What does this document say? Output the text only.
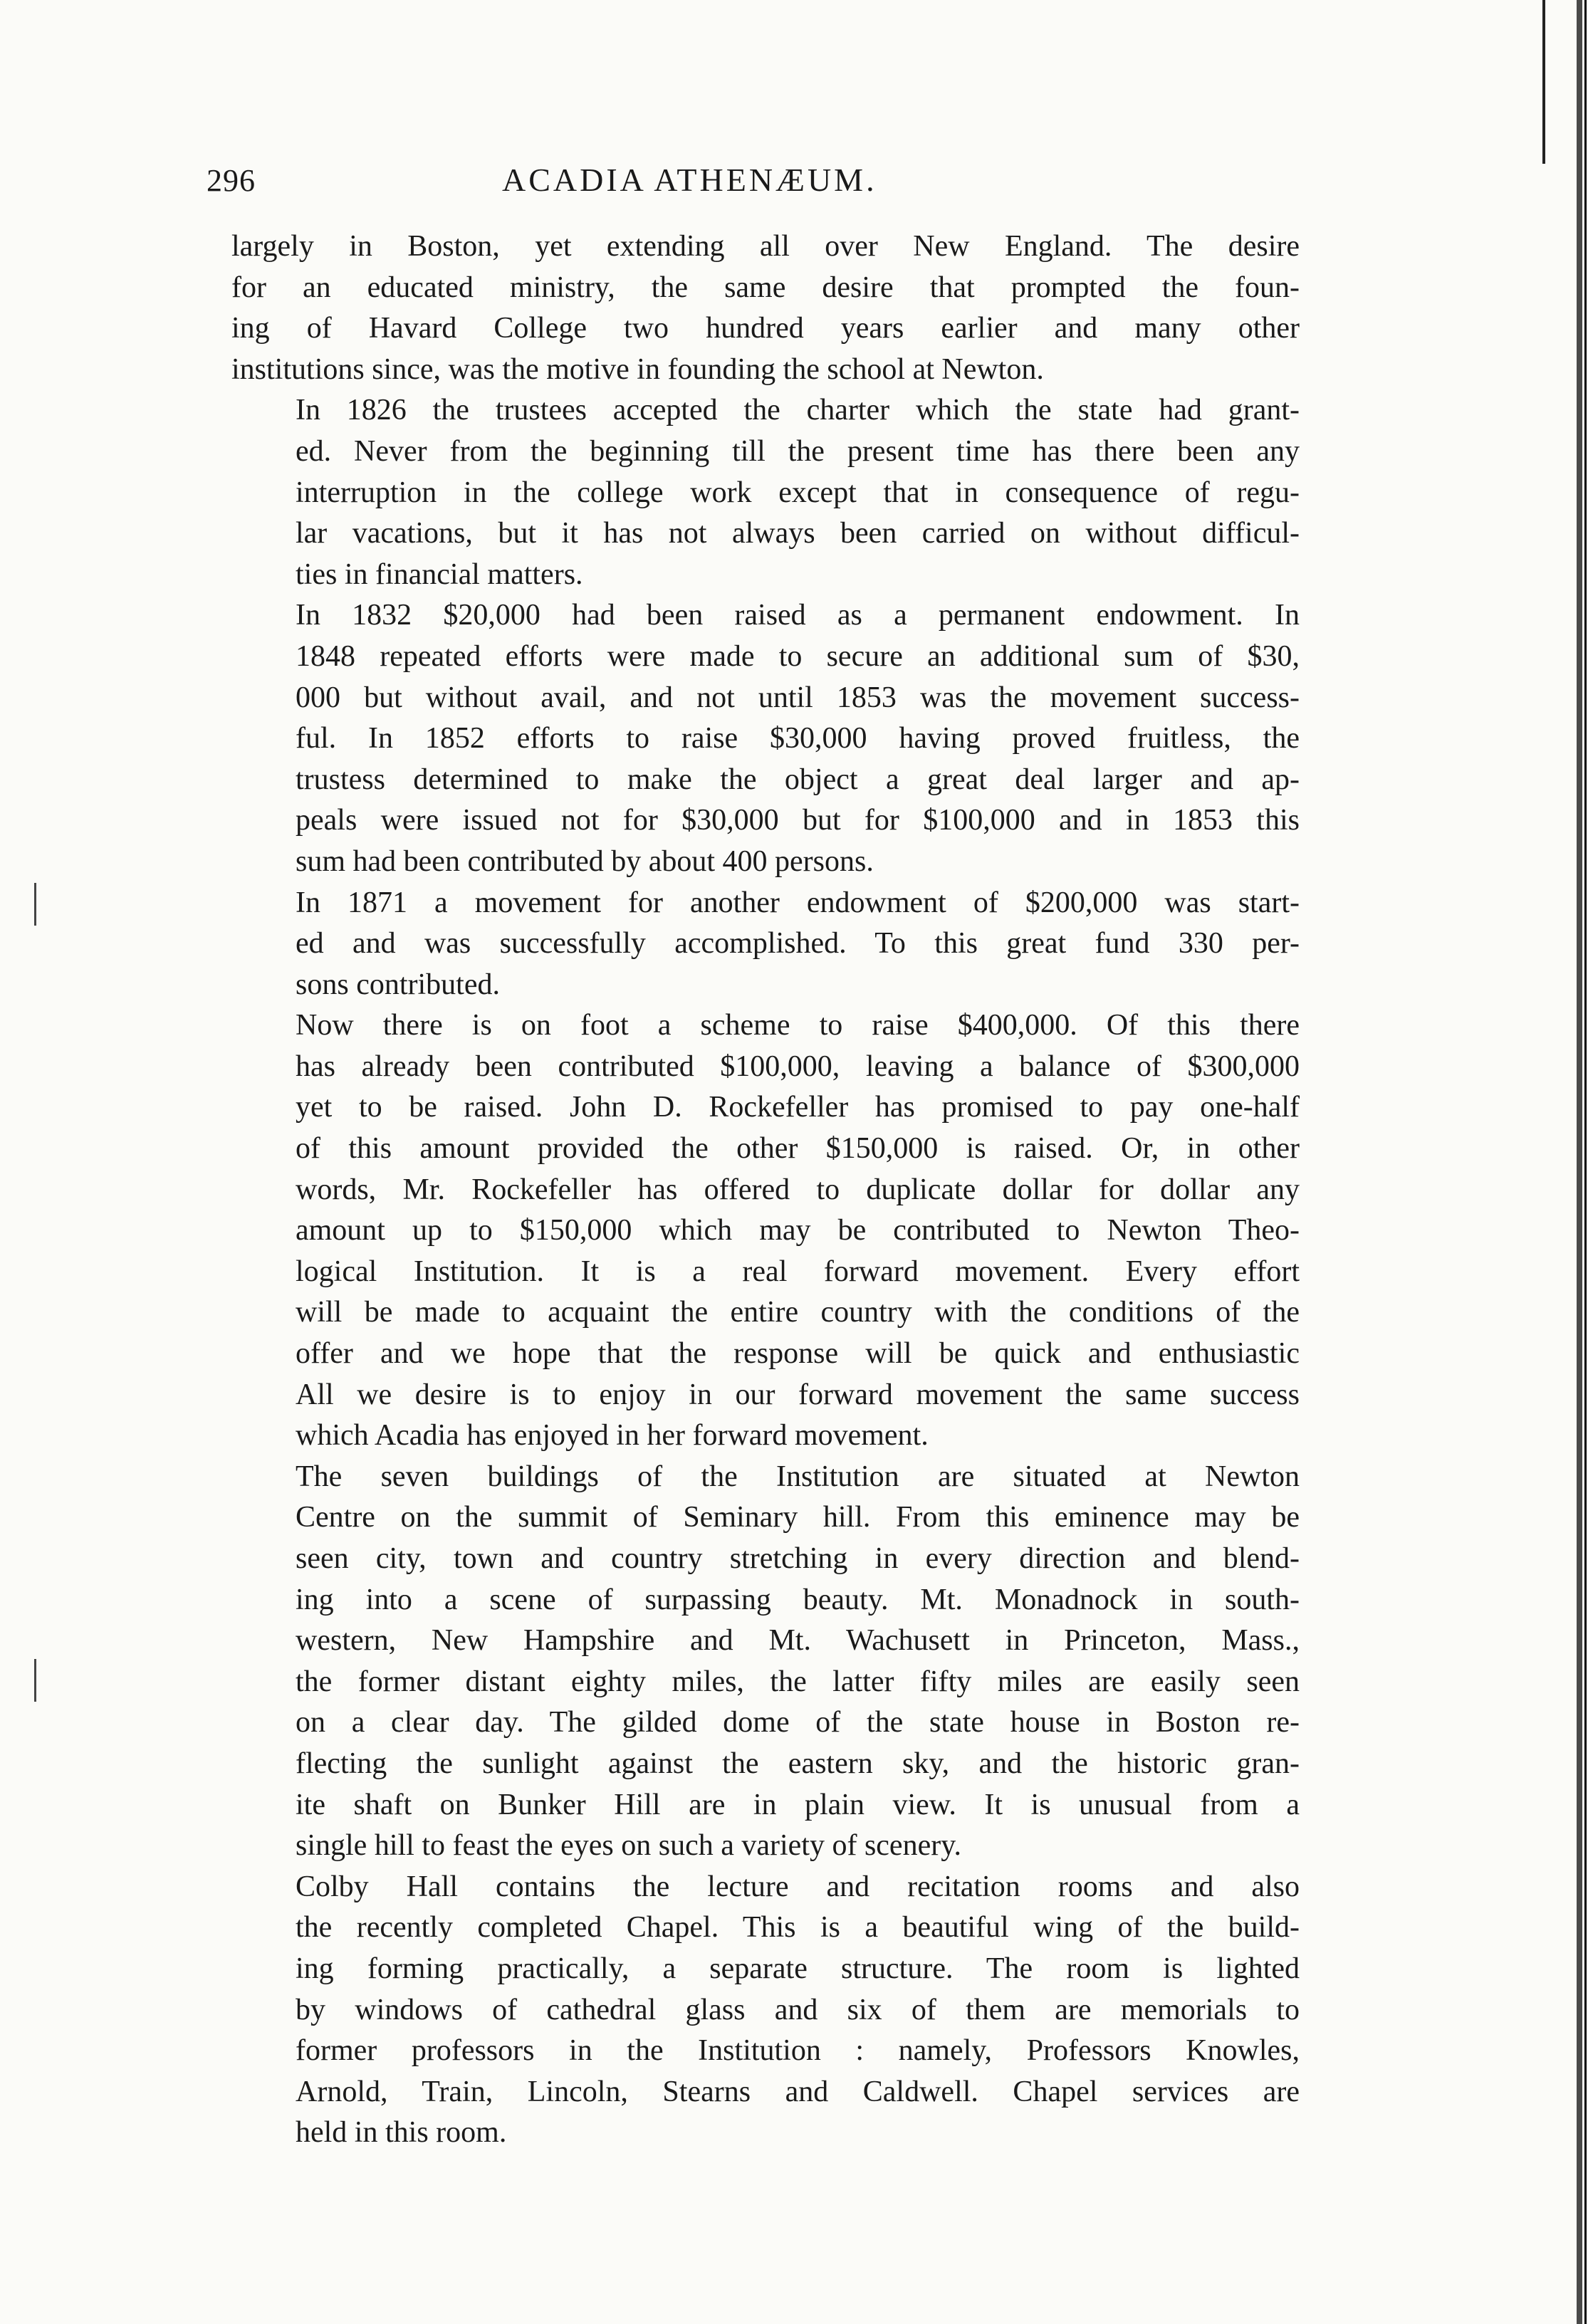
296	ACADIA ATHENÆUM.

largely in Boston, yet extending all over New England. The desire
for an educated ministry, the same desire that prompted the foun-
ing of Havard College two hundred years earlier and many other
institutions since, was the motive in founding the school at Newton.

In 1826 the trustees accepted the charter which the state had grant-
ed. Never from the beginning till the present time has there been any
interruption in the college work except that in consequence of regu-
lar vacations, but it has not always been carried on without difficul-
ties in financial matters.

In 1832 $20,000 had been raised as a permanent endowment. In
1848 repeated efforts were made to secure an additional sum of $30,
000 but without avail, and not until 1853 was the movement success-
ful. In 1852 efforts to raise $30,000 having proved fruitless, the
trustess determined to make the object a great deal larger and ap-
peals were issued not for $30,000 but for $100,000 and in 1853 this
sum had been contributed by about 400 persons.

In 1871 a movement for another endowment of $200,000 was start-
ed and was successfully accomplished. To this great fund 330 per-
sons contributed.

Now there is on foot a scheme to raise $400,000. Of this there
has already been contributed $100,000, leaving a balance of $300,000
yet to be raised. John D. Rockefeller has promised to pay one-half
of this amount provided the other $150,000 is raised. Or, in other
words, Mr. Rockefeller has offered to duplicate dollar for dollar any
amount up to $150,000 which may be contributed to Newton Theo-
logical Institution. It is a real forward movement. Every effort
will be made to acquaint the entire country with the conditions of the
offer and we hope that the response will be quick and enthusiastic
All we desire is to enjoy in our forward movement the same success
which Acadia has enjoyed in her forward movement.

The seven buildings of the Institution are situated at Newton
Centre on the summit of Seminary hill. From this eminence may be
seen city, town and country stretching in every direction and blend-
ing into a scene of surpassing beauty. Mt. Monadnock in south-
western, New Hampshire and Mt. Wachusett in Princeton, Mass.,
the former distant eighty miles, the latter fifty miles are easily seen
on a clear day. The gilded dome of the state house in Boston re-
flecting the sunlight against the eastern sky, and the historic gran-
ite shaft on Bunker Hill are in plain view. It is unusual from a
single hill to feast the eyes on such a variety of scenery.

Colby Hall contains the lecture and recitation rooms and also
the recently completed Chapel. This is a beautiful wing of the build-
ing forming practically, a separate structure. The room is lighted
by windows of cathedral glass and six of them are memorials to
former professors in the Institution : namely, Professors Knowles,
Arnold, Train, Lincoln, Stearns and Caldwell. Chapel services are
held in this room.
